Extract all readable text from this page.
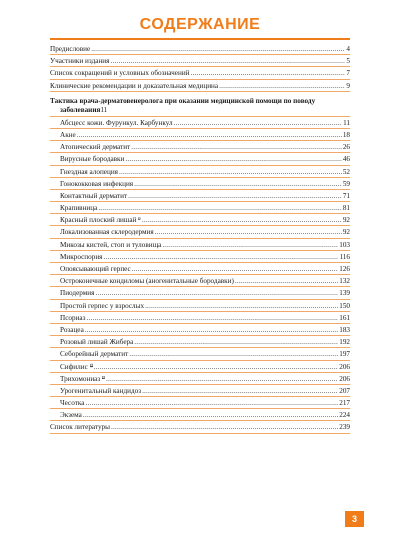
СОДЕРЖАНИЕ
Предисловие .....	4
Участники издания .....	5
Список сокращений и условных обозначений .....	7
Клинические рекомендации и доказательная медицина .....	9
Тактика врача-дерматовенеролога при оказании медицинской помощи по поводу
заболевания 11
Абсцесс кожи. Фурункул. Карбункул .....	11
Акне .....	18
Атопический дерматит .....	26
Вирусные бородавки .....	46
Гнездная алопеция .....	52
Гонококковая инфекция .....	59
Контактный дерматит .....	71
Крапивница .....	81
Красный плоский лишай .....	92
Локализованная склеродермия .....	92
Микозы кистей, стоп и туловища .....	103
Микроспория .....	116
Опоясывающий герпес .....	126
Остроконечные кондиломы (аногенитальные бородавки) .....	132
Пиодермия .....	139
Простой герпес у взрослых .....	150
Псориаз .....	161
Розацеа .....	183
Розовый лишай Жибера .....	192
Себорейный дерматит .....	197
Сифилис .....	206
Трихомониаз .....	206
Урогенитальный кандидоз .....	207
Чесотка .....	217
Экзема .....	224
Список литературы .....	239
3
